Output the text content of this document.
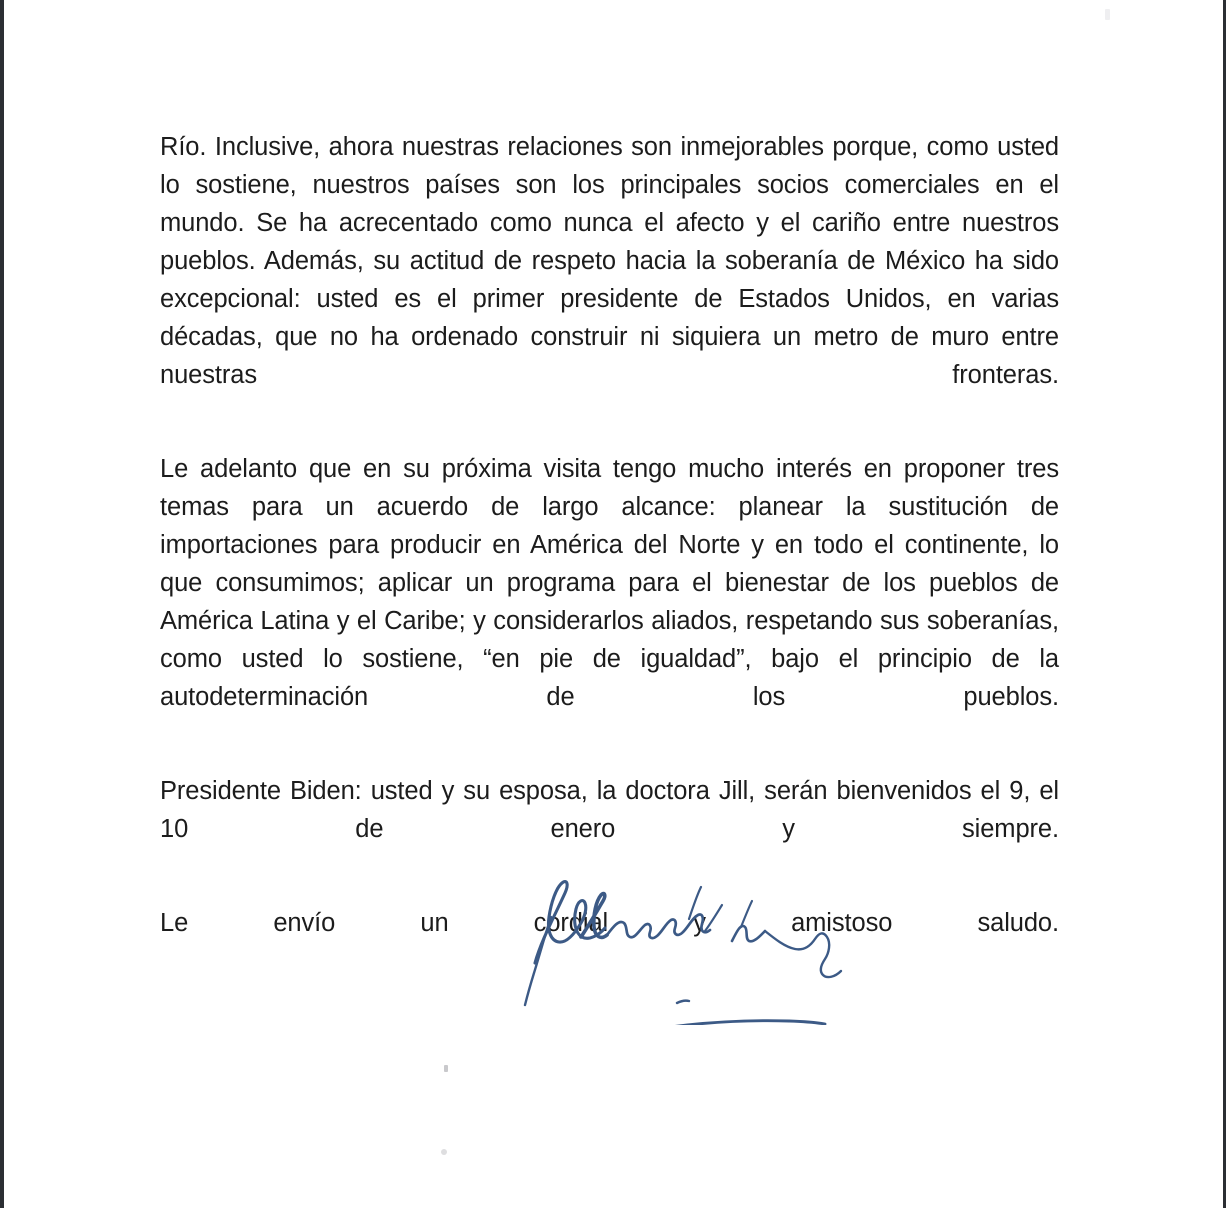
Río. Inclusive, ahora nuestras relaciones son inmejorables porque, como usted lo sostiene, nuestros países son los principales socios comerciales en el mundo. Se ha acrecentado como nunca el afecto y el cariño entre nuestros pueblos. Además, su actitud de respeto hacia la soberanía de México ha sido excepcional: usted es el primer presidente de Estados Unidos, en varias décadas, que no ha ordenado construir ni siquiera un metro de muro entre nuestras fronteras.

Le adelanto que en su próxima visita tengo mucho interés en proponer tres temas para un acuerdo de largo alcance: planear la sustitución de importaciones para producir en América del Norte y en todo el continente, lo que consumimos; aplicar un programa para el bienestar de los pueblos de América Latina y el Caribe; y considerarlos aliados, respetando sus soberanías, como usted lo sostiene, “en pie de igualdad”, bajo el principio de la autodeterminación de los pueblos.

Presidente Biden: usted y su esposa, la doctora Jill, serán bienvenidos el 9, el 10 de enero y siempre.

Le envío un cordial y amistoso saludo.
